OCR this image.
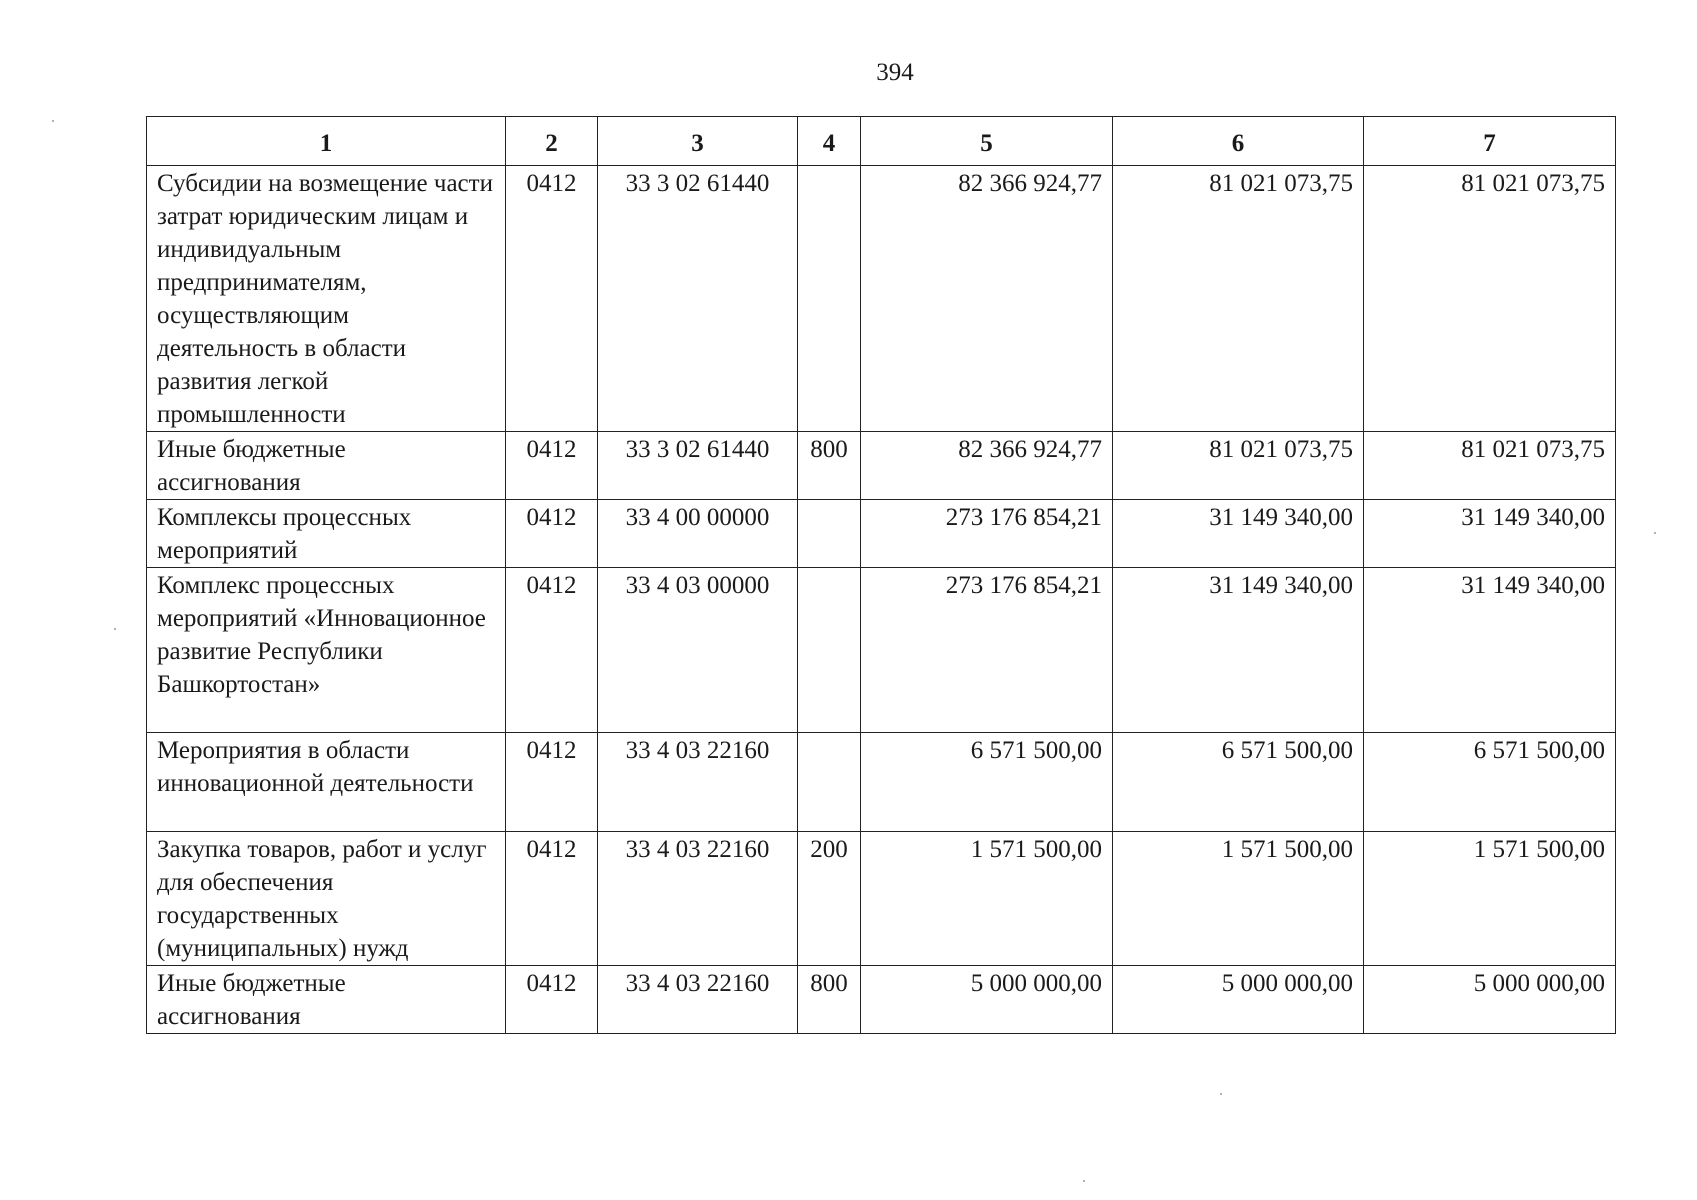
394
1	2	3	4	5	6	7
Субсидии на возмещение части затрат юридическим лицам и индивидуальным предпринимателям, осуществляющим деятельность в области развития легкой промышленности	0412	33 3 02 61440		82 366 924,77	81 021 073,75	81 021 073,75
Иные бюджетные ассигнования	0412	33 3 02 61440	800	82 366 924,77	81 021 073,75	81 021 073,75
Комплексы процессных мероприятий	0412	33 4 00 00000		273 176 854,21	31 149 340,00	31 149 340,00
Комплекс процессных мероприятий «Инновационное развитие Республики Башкортостан»	0412	33 4 03 00000		273 176 854,21	31 149 340,00	31 149 340,00
Мероприятия в области инновационной деятельности	0412	33 4 03 22160		6 571 500,00	6 571 500,00	6 571 500,00
Закупка товаров, работ и услуг для обеспечения государственных (муниципальных) нужд	0412	33 4 03 22160	200	1 571 500,00	1 571 500,00	1 571 500,00
Иные бюджетные ассигнования	0412	33 4 03 22160	800	5 000 000,00	5 000 000,00	5 000 000,00
